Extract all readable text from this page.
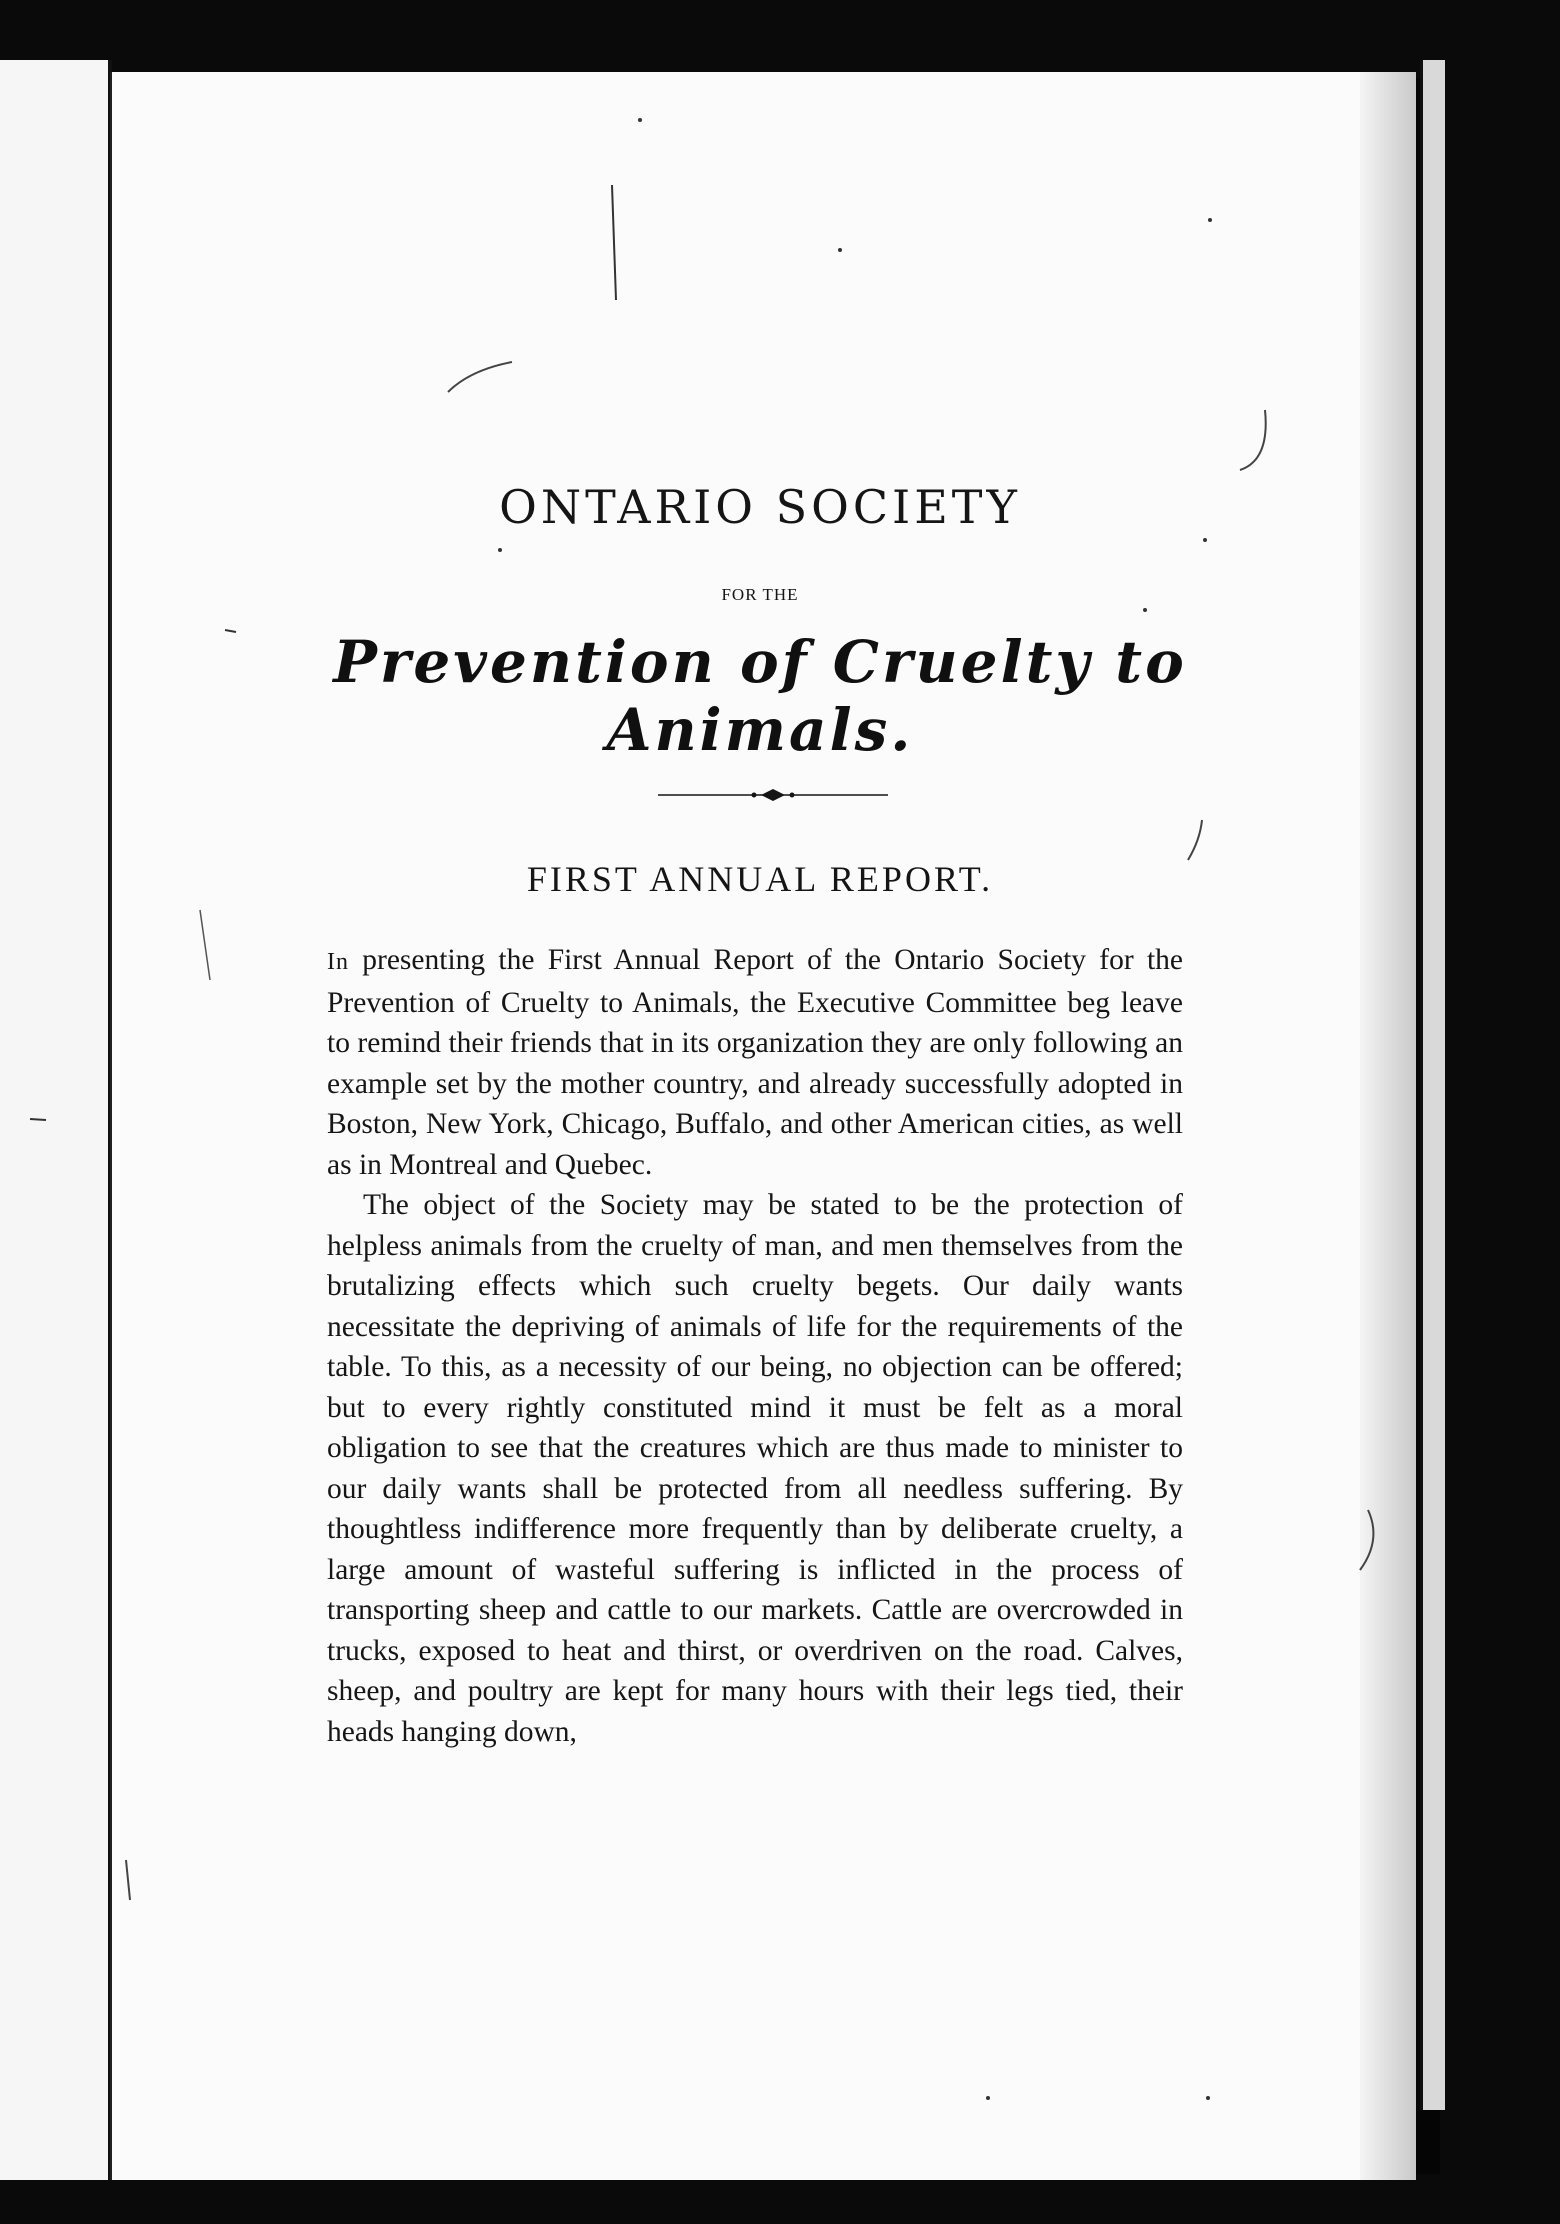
ONTARIO SOCIETY
FOR THE
Prevention of Cruelty to Animals.
FIRST ANNUAL REPORT.

In presenting the First Annual Report of the Ontario Society for the Prevention of Cruelty to Animals, the Executive Committee beg leave to remind their friends that in its organization they are only following an example set by the mother country, and already successfully adopted in Boston, New York, Chicago, Buffalo, and other American cities, as well as in Montreal and Quebec.

The object of the Society may be stated to be the protection of helpless animals from the cruelty of man, and men themselves from the brutalizing effects which such cruelty begets. Our daily wants necessitate the depriving of animals of life for the requirements of the table. To this, as a necessity of our being, no objection can be offered; but to every rightly constituted mind it must be felt as a moral obligation to see that the creatures which are thus made to minister to our daily wants shall be protected from all needless suffering. By thoughtless indifference more frequently than by deliberate cruelty, a large amount of wasteful suffering is inflicted in the process of transporting sheep and cattle to our markets. Cattle are overcrowded in trucks, exposed to heat and thirst, or overdriven on the road. Calves, sheep, and poultry are kept for many hours with their legs tied, their heads hanging down,
